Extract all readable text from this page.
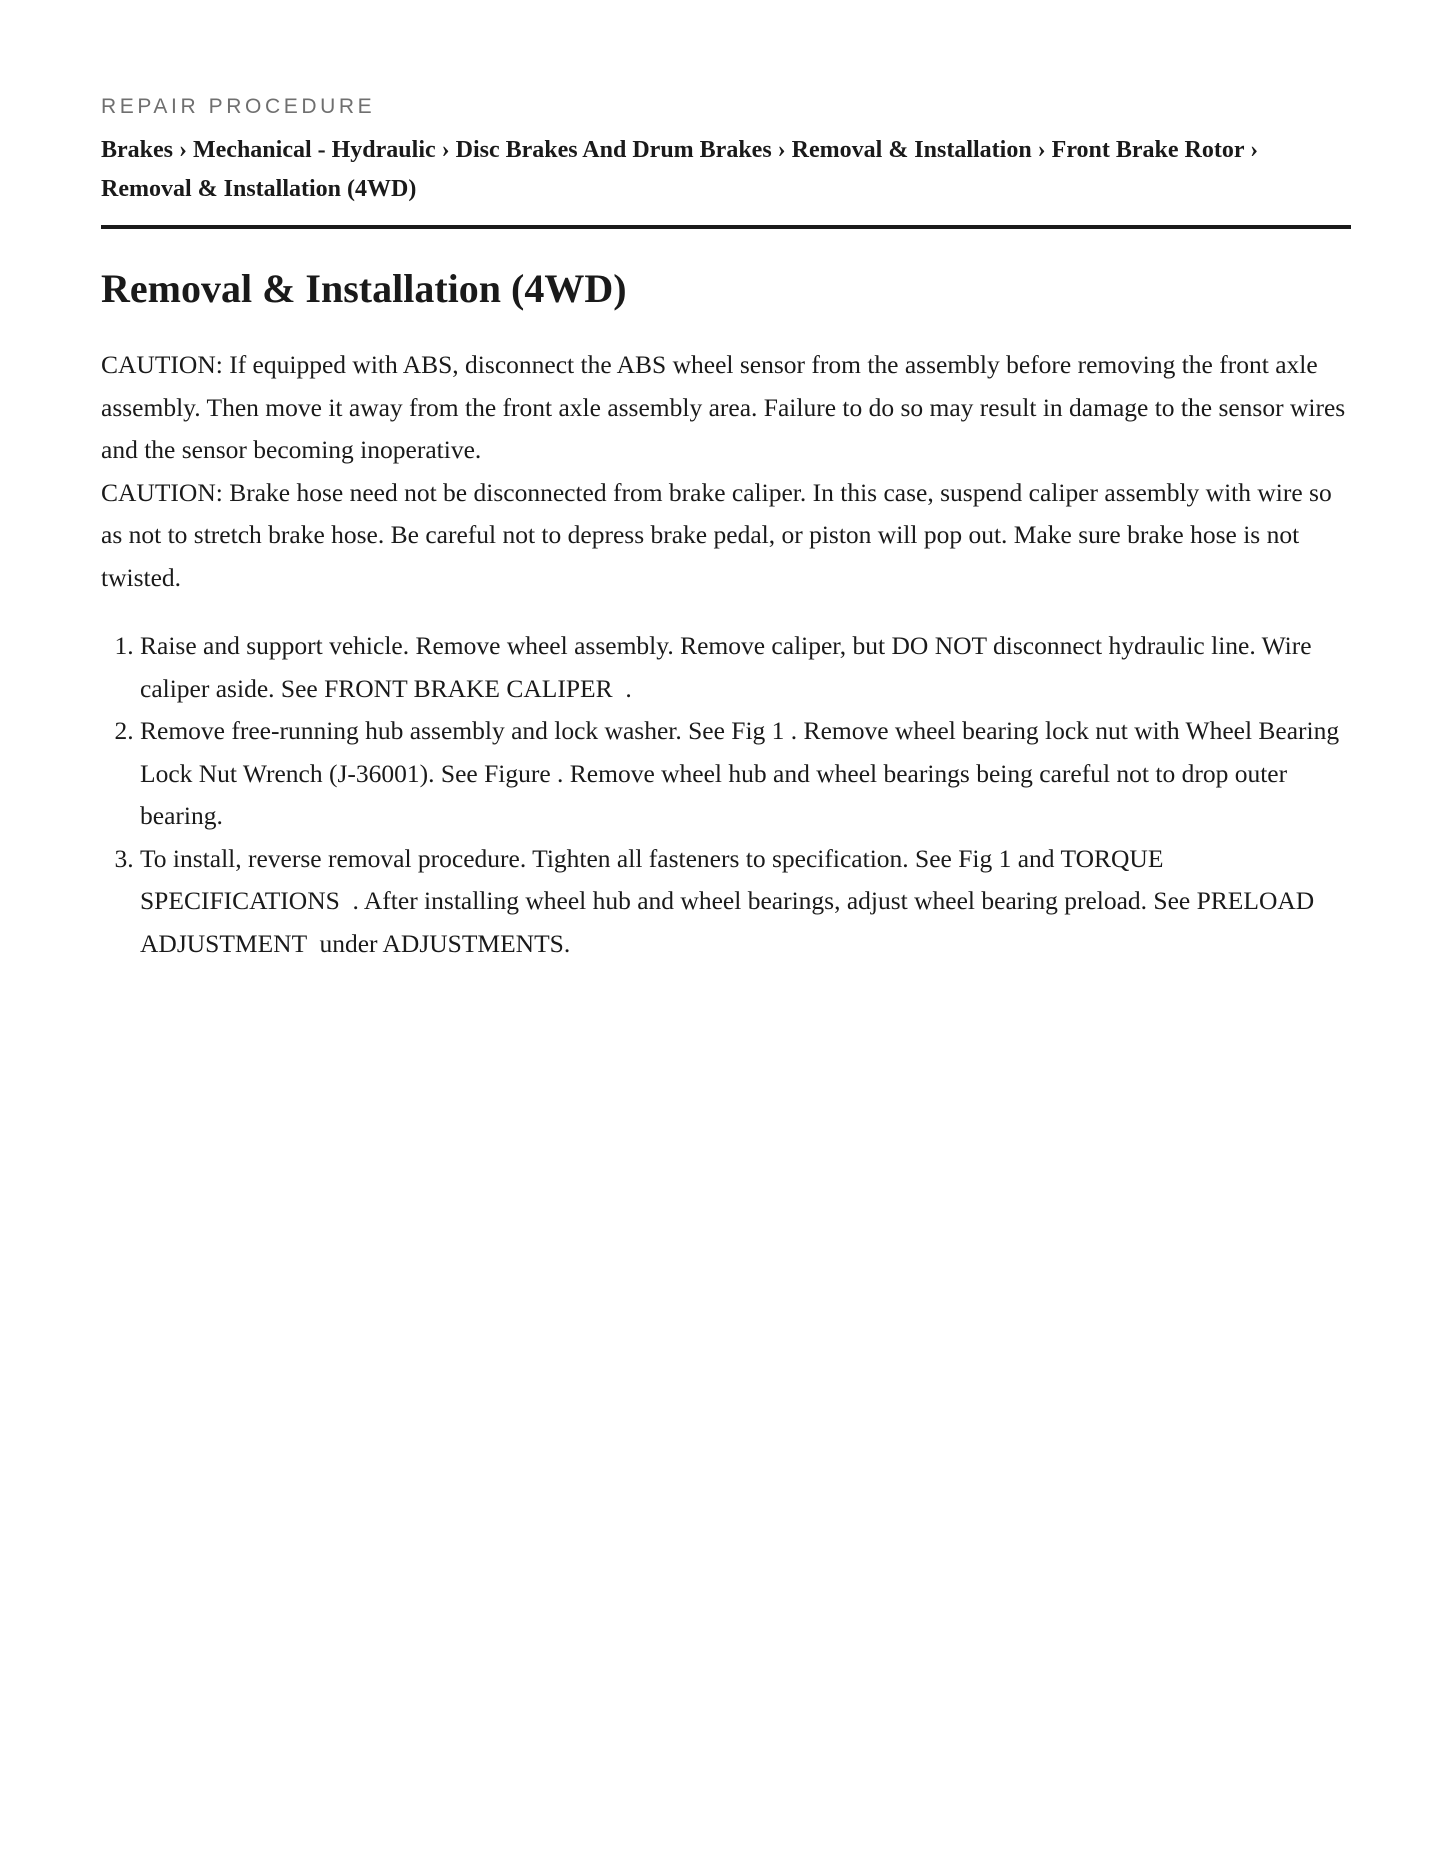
REPAIR PROCEDURE
Brakes › Mechanical - Hydraulic › Disc Brakes And Drum Brakes › Removal & Installation › Front Brake Rotor › Removal & Installation (4WD)
Removal & Installation (4WD)

CAUTION: If equipped with ABS, disconnect the ABS wheel sensor from the assembly before removing the front axle assembly. Then move it away from the front axle assembly area. Failure to do so may result in damage to the sensor wires and the sensor becoming inoperative.

CAUTION: Brake hose need not be disconnected from brake caliper. In this case, suspend caliper assembly with wire so as not to stretch brake hose. Be careful not to depress brake pedal, or piston will pop out. Make sure brake hose is not twisted.

1. Raise and support vehicle. Remove wheel assembly. Remove caliper, but DO NOT disconnect hydraulic line. Wire caliper aside. See FRONT BRAKE CALIPER  .
2. Remove free-running hub assembly and lock washer. See Fig 1 . Remove wheel bearing lock nut with Wheel Bearing Lock Nut Wrench (J-36001). See Figure . Remove wheel hub and wheel bearings being careful not to drop outer bearing.
3. To install, reverse removal procedure. Tighten all fasteners to specification. See Fig 1 and TORQUE SPECIFICATIONS  . After installing wheel hub and wheel bearings, adjust wheel bearing preload. See PRELOAD ADJUSTMENT  under ADJUSTMENTS.
